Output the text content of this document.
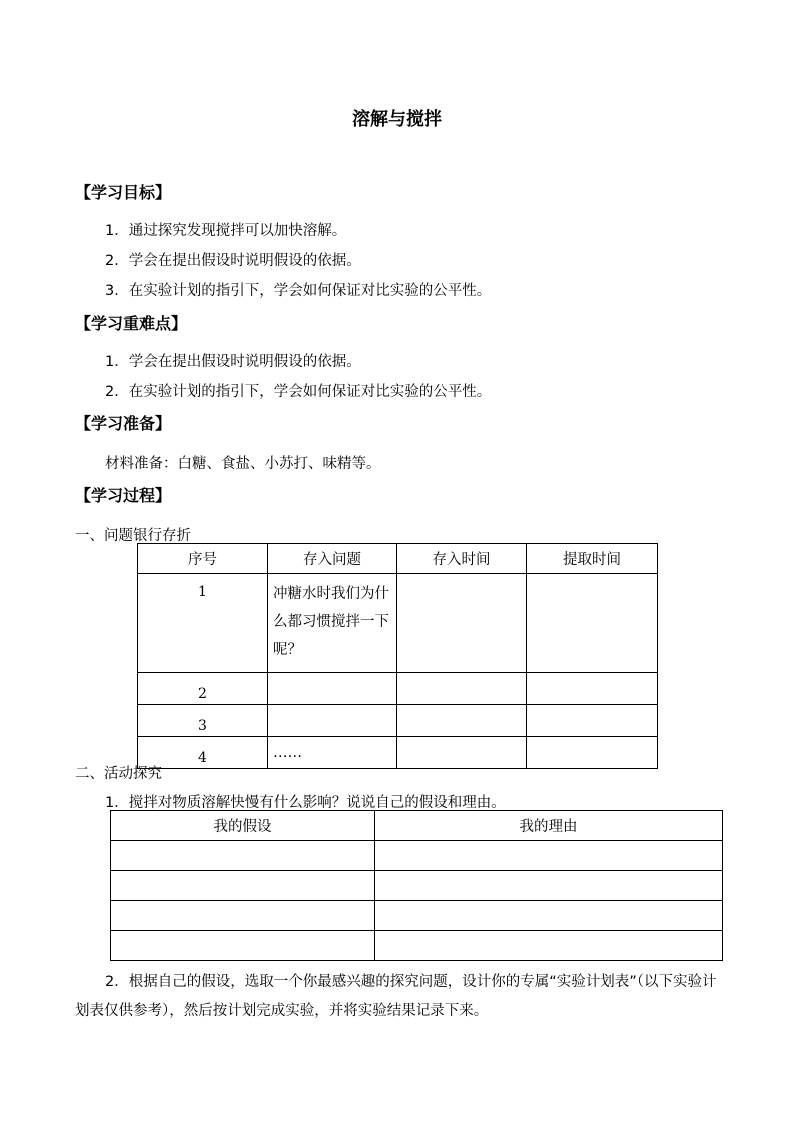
溶解与搅拌
【学习目标】
1．通过探究发现搅拌可以加快溶解。
2．学会在提出假设时说明假设的依据。
3．在实验计划的指引下，学会如何保证对比实验的公平性。
【学习重难点】
1．学会在提出假设时说明假设的依据。
2．在实验计划的指引下，学会如何保证对比实验的公平性。
【学习准备】
材料准备：白糖、食盐、小苏打、味精等。
【学习过程】
一、问题银行存折
序号	存入问题	存入时间	提取时间
1	冲糖水时我们为什么都习惯搅拌一下呢？		
2			
3			
4	……		
二、活动探究
1．搅拌对物质溶解快慢有什么影响？说说自己的假设和理由。
我的假设	我的理由

2．根据自己的假设，选取一个你最感兴趣的探究问题，设计你的专属“实验计划表”（以下实验计划表仅供参考），然后按计划完成实验，并将实验结果记录下来。
